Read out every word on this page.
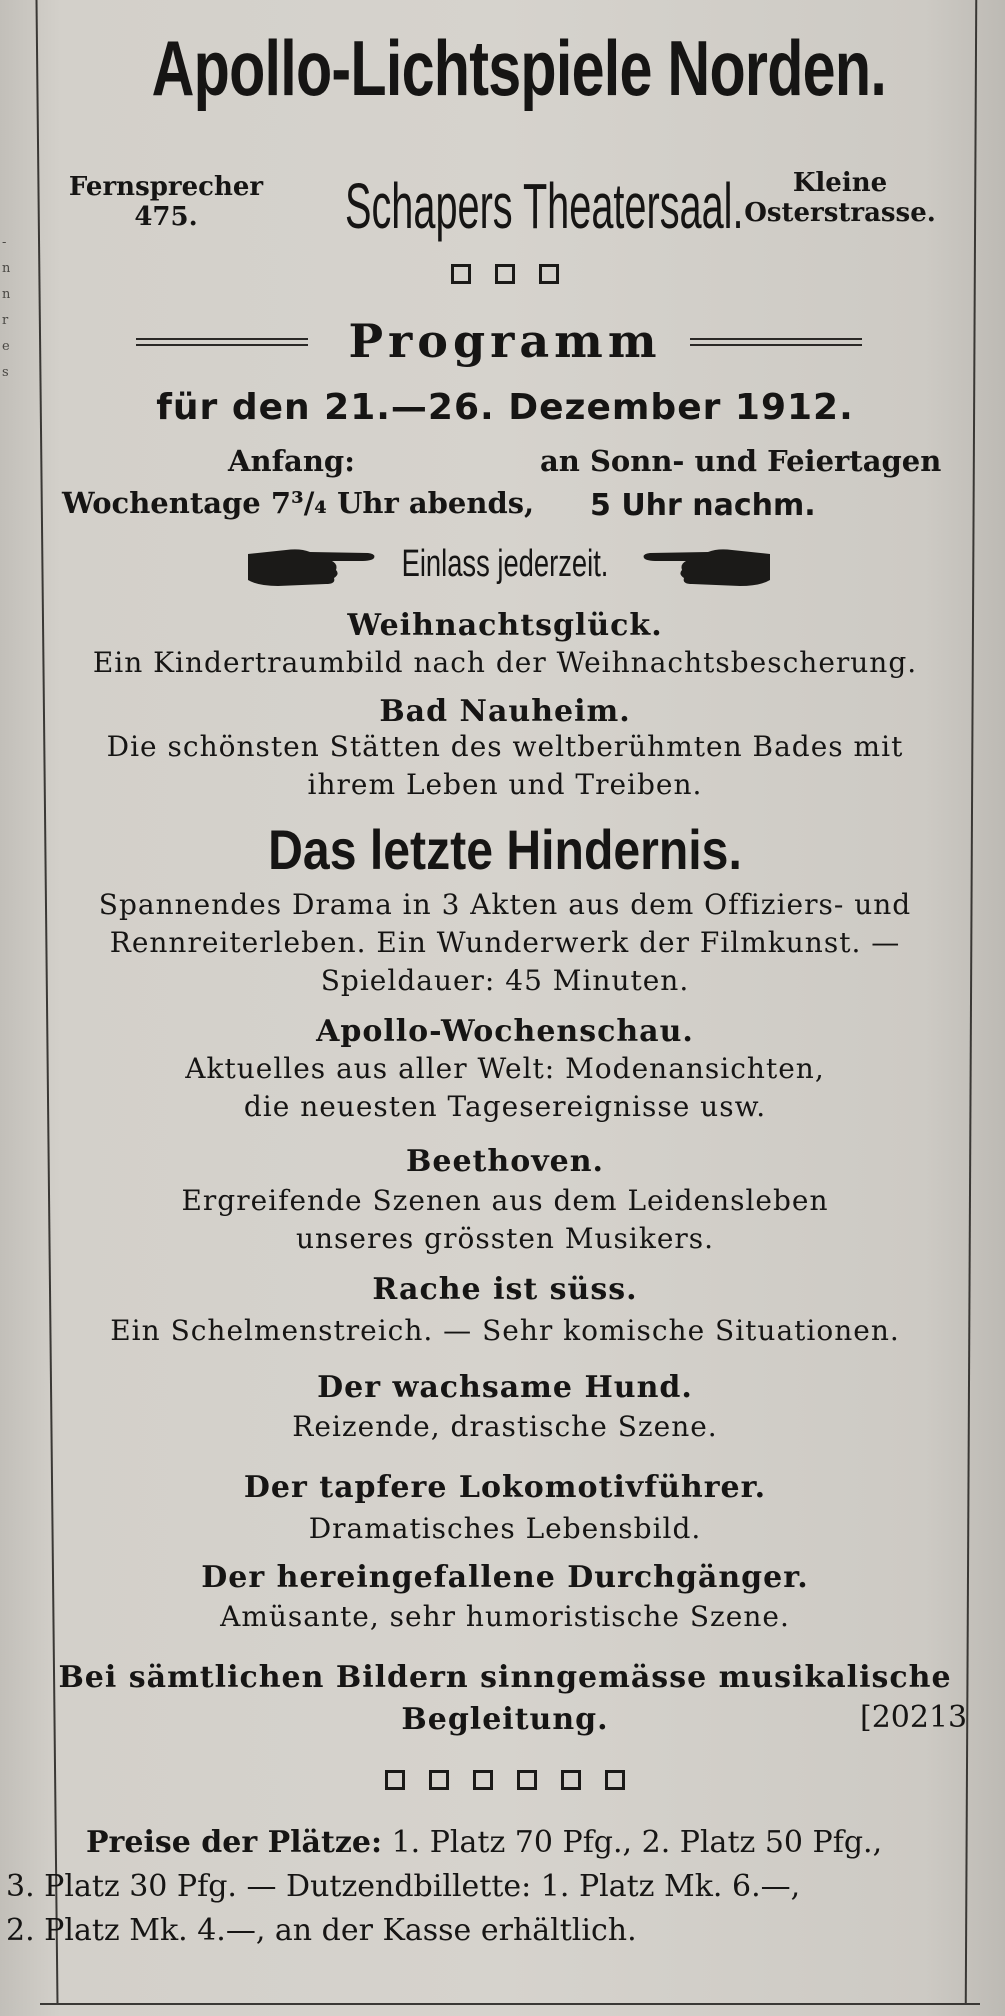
-
n
n
r
e
s
Apollo-Lichtspiele Norden.
Fernsprecher
475.	Schapers Theatersaal.	Kleine
Osterstrasse.
Programm
für den 21.—26. Dezember 1912.
Anfang:	an Sonn- und Feiertagen
Wochentage 7³/₄ Uhr abends, 5 Uhr nachm.
Einlass jederzeit.
Weihnachtsglück.
Ein Kindertraumbild nach der Weihnachtsbescherung.
Bad Nauheim.
Die schönsten Stätten des weltberühmten Bades mit
ihrem Leben und Treiben.
Das letzte Hindernis.
Spannendes Drama in 3 Akten aus dem Offiziers- und
Rennreiterleben. Ein Wunderwerk der Filmkunst. —
Spieldauer: 45 Minuten.
Apollo-Wochenschau.
Aktuelles aus aller Welt: Modenansichten,
die neuesten Tagesereignisse usw.
Beethoven.
Ergreifende Szenen aus dem Leidensleben
unseres grössten Musikers.
Rache ist süss.
Ein Schelmenstreich. — Sehr komische Situationen.
Der wachsame Hund.
Reizende, drastische Szene.
Der tapfere Lokomotivführer.
Dramatisches Lebensbild.
Der hereingefallene Durchgänger.
Amüsante, sehr humoristische Szene.
Bei sämtlichen Bildern sinngemässe musikalische
Begleitung.	[20213
Preise der Plätze: 1. Platz 70 Pfg., 2. Platz 50 Pfg.,
3. Platz 30 Pfg. — Dutzendbillette: 1. Platz Mk. 6.—,
2. Platz Mk. 4.—, an der Kasse erhältlich.
